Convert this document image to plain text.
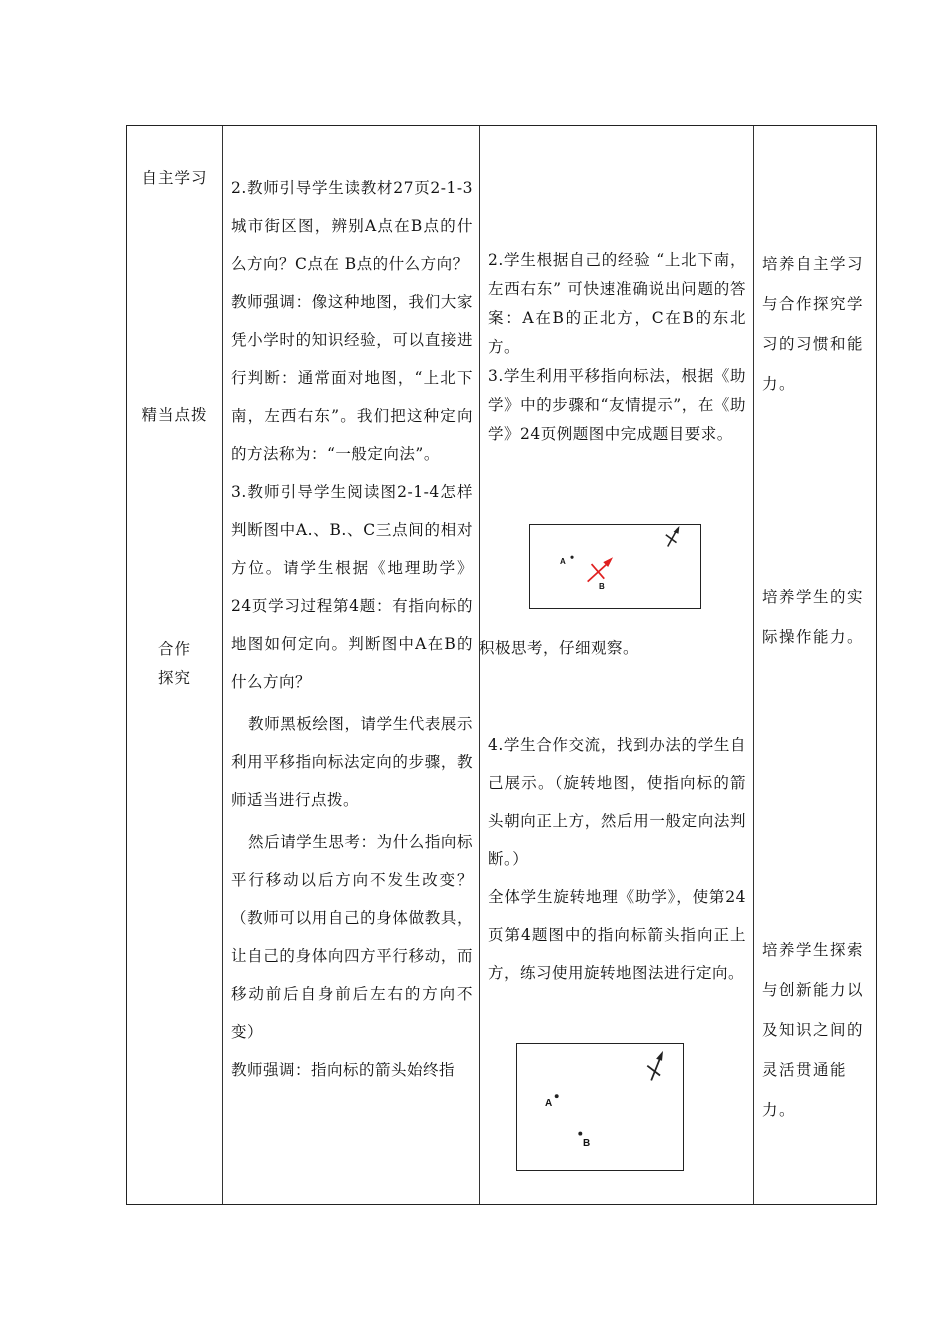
自主学习
精当点拨
合作
探究

2.教师引导学生读教材27页2-1-3 城市街区图，辨别A点在B点的什么方向？C点在 B点的什么方向？

教师强调：像这种地图，我们大家凭小学时的知识经验，可以直接进行判断：通常面对地图，“上北下南，左西右东”。我们把这种定向的方法称为：“一般定向法”。

3.教师引导学生阅读图2-1-4怎样判断图中A.、B.、C三点间的相对方位。请学生根据《地理助学》24页学习过程第4题：有指向标的地图如何定向。判断图中A在B的什么方向？

教师黑板绘图，请学生代表展示利用平移指向标法定向的步骤，教师适当进行点拨。

然后请学生思考：为什么指向标平行移动以后方向不发生改变？（教师可以用自己的身体做教具，让自己的身体向四方平行移动，而移动前后自身前后左右的方向不变）

教师强调：指向标的箭头始终指

2.学生根据自己的经验 “上北下南，左西右东” 可快速准确说出问题的答案：A在B的正北方，C在B的东北方。

3.学生利用平移指向标法，根据《助学》中的步骤和“友情提示”，在《助学》24页例题图中完成题目要求。

A
B

积极思考，仔细观察。

4.学生合作交流，找到办法的学生自己展示。（旋转地图，使指向标的箭头朝向正上方，然后用一般定向法判断。）

全体学生旋转地理《助学》，使第24页第4题图中的指向标箭头指向正上方，练习使用旋转地图法进行定向。

A
B
培养自主学习与合作探究学习的习惯和能力。
培养学生的实际操作能力。
培养学生探索与创新能力以及知识之间的灵活贯通能力。
